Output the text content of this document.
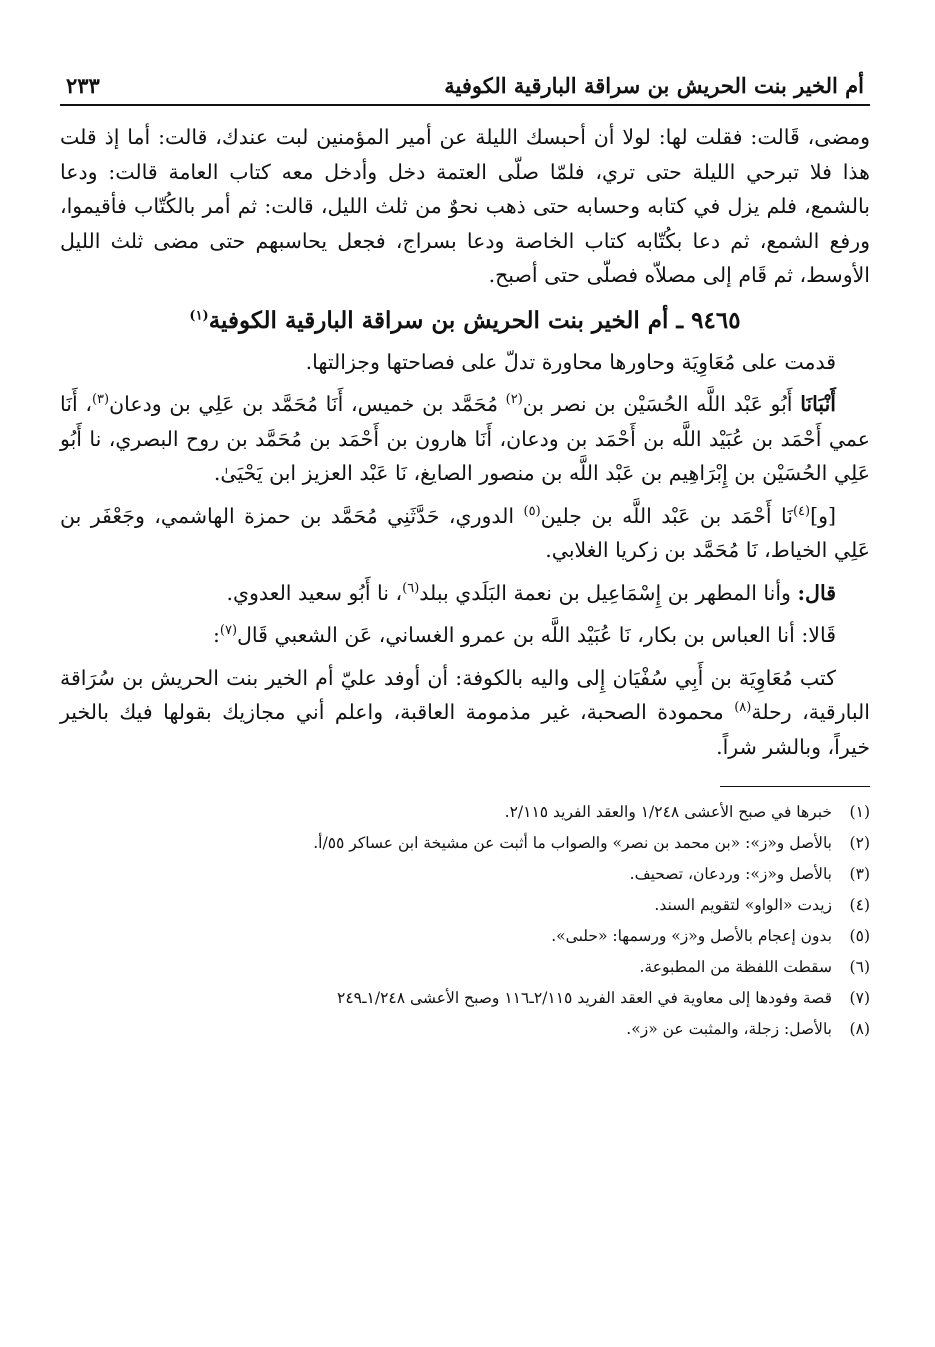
أم الخير بنت الحريش بن سراقة البارقية الكوفية
٢٣٣

ومضى، قَالت: فقلت لها: لولا أن أحبسك الليلة عن أمير المؤمنين لبت عندك، قالت: أما إذ قلت هذا فلا تبرحي الليلة حتى تري، فلمّا صلّى العتمة دخل وأدخل معه كتاب العامة قالت: ودعا بالشمع، فلم يزل في كتابه وحسابه حتى ذهب نحوٌ من ثلث الليل، قالت: ثم أمر بالكُتّاب فأقيموا، ورفع الشمع، ثم دعا بكُتّابه كتاب الخاصة ودعا بسراج، فجعل يحاسبهم حتى مضى ثلث الليل الأوسط، ثم قَام إلى مصلاّه فصلّى حتى أصبح.

٩٤٦٥ ـ أم الخير بنت الحريش بن سراقة البارقية الكوفية$^{(١)}$

قدمت على مُعَاوِيَة وحاورها محاورة تدلّ على فصاحتها وجزالتها.

أَنْبَانَا أَبُو عَبْد اللَّه الحُسَيْن بن نصر بن$^{(٢)}$ مُحَمَّد بن خميس، أَنَا مُحَمَّد بن عَلِي بن ودعان$^{(٣)}$، أَنَا عمي أَحْمَد بن عُبَيْد اللَّه بن أَحْمَد بن ودعان، أَنَا هارون بن أَحْمَد بن مُحَمَّد بن روح البصري، نا أَبُو عَلِي الحُسَيْن بن إِبْرَاهِيم بن عَبْد اللَّه بن منصور الصايغ، نَا عَبْد العزيز ابن يَحْيَىٰ.

[و]$^{(٤)}$نَا أَحْمَد بن عَبْد اللَّه بن جلين$^{(٥)}$ الدوري، حَدَّثَنِي مُحَمَّد بن حمزة الهاشمي، وجَعْفَر بن عَلِي الخياط، نَا مُحَمَّد بن زكريا الغلابي.

قال: وأنا المطهر بن إِسْمَاعِيل بن نعمة البَلَدي ببلد$^{(٦)}$، نا أَبُو سعيد العدوي.

قَالا: أنا العباس بن بكار، نَا عُبَيْد اللَّه بن عمرو الغساني، عَن الشعبي قَال$^{(٧)}$:

كتب مُعَاوِيَة بن أَبِي سُفْيَان إِلى واليه بالكوفة: أن أوفد عليّ أم الخير بنت الحريش بن سُرَاقة البارقية، رحلة$^{(٨)}$ محمودة الصحبة، غير مذمومة العاقبة، واعلم أني مجازيك بقولها فيك بالخير خيراً، وبالشر شراً.

(١)
خبرها في صبح الأعشى ١/٢٤٨ والعقد الفريد ٢/١١٥.
(٢)
بالأصل و«ز»: «بن محمد بن نصر» والصواب ما أثبت عن مشيخة ابن عساكر ٥٥/أ.
(٣)
بالأصل و«ز»: وردعان، تصحيف.
(٤)
زيدت «الواو» لتقويم السند.
(٥)
بدون إعجام بالأصل و«ز» ورسمها: «حلىى».
(٦)
سقطت اللفظة من المطبوعة.
(٧)
قصة وفودها إلى معاوية في العقد الفريد ٢/١١٥ـ١١٦ وصبح الأعشى ١/٢٤٨ـ٢٤٩
(٨)
بالأصل: زجلة، والمثبت عن «ز».
